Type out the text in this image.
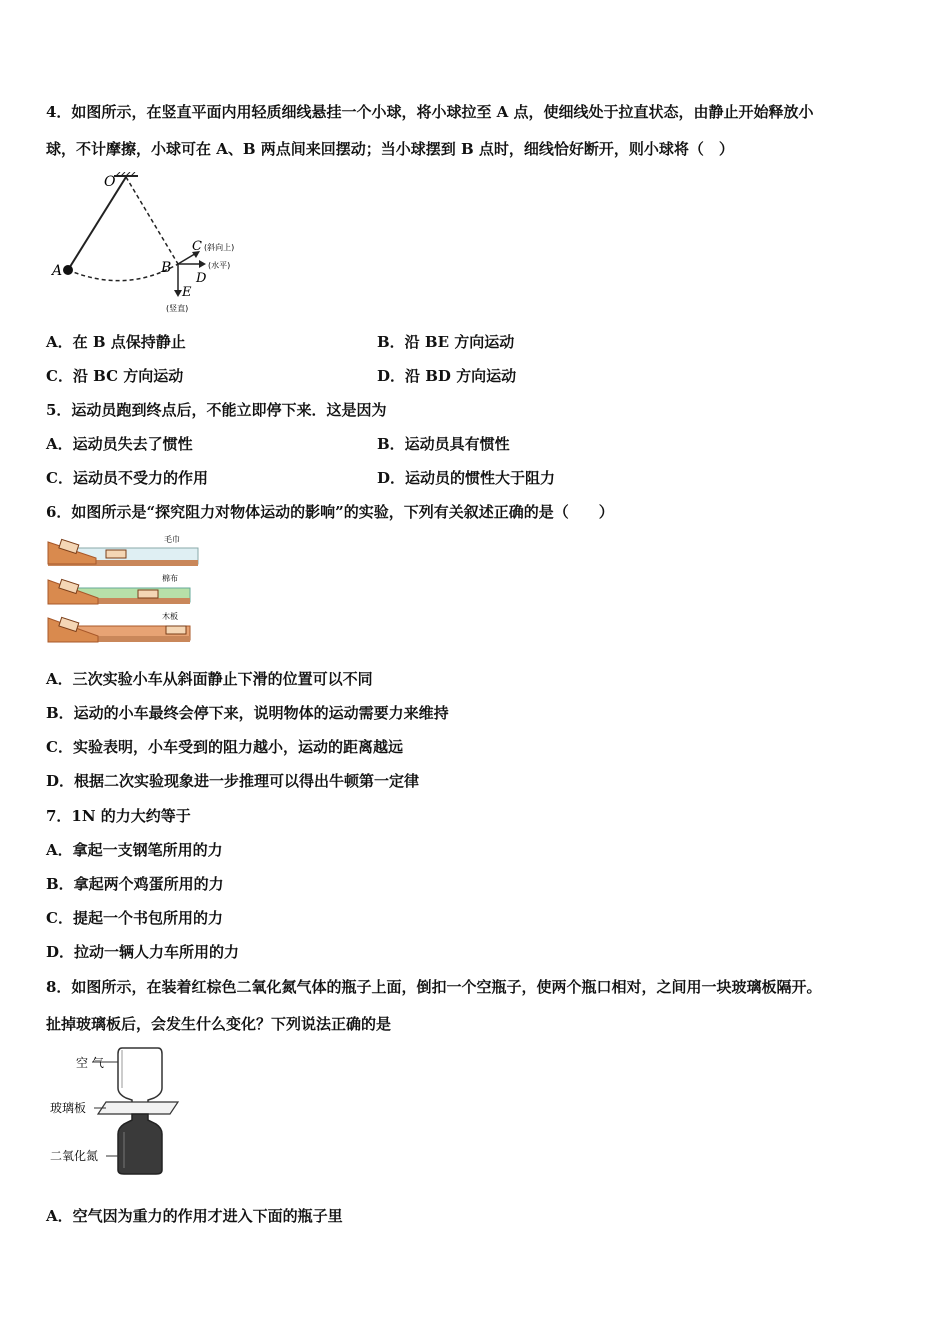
4．如图所示，在竖直平面内用轻质细线悬挂一个小球，将小球拉至 A 点，使细线处于拉直状态，由静止开始释放小
球，不计摩擦，小球可在 A、B 两点间来回摆动；当小球摆到 B 点时，细线恰好断开，则小球将（　）
O
A	B
C (斜向上)
D
(水平)
E
(竖直)
A．在 B 点保持静止	B．沿 BE 方向运动
C．沿 BC 方向运动	D．沿 BD 方向运动
5．运动员跑到终点后，不能立即停下来．这是因为
A．运动员失去了惯性	B．运动员具有惯性
C．运动员不受力的作用	D．运动员的惯性大于阻力
6．如图所示是“探究阻力对物体运动的影响”的实验，下列有关叙述正确的是（　　）
毛巾
棉布
木板
A．三次实验小车从斜面静止下滑的位置可以不同
B．运动的小车最终会停下来，说明物体的运动需要力来维持
C．实验表明，小车受到的阻力越小，运动的距离越远
D．根据二次实验现象进一步推理可以得出牛顿第一定律
7．1N 的力大约等于
A．拿起一支钢笔所用的力
B．拿起两个鸡蛋所用的力
C．提起一个书包所用的力
D．拉动一辆人力车所用的力
8．如图所示，在装着红棕色二氧化氮气体的瓶子上面，倒扣一个空瓶子，使两个瓶口相对，之间用一块玻璃板隔开。
扯掉玻璃板后，会发生什么变化？下列说法正确的是
空 气
玻璃板
二氧化氮
A．空气因为重力的作用才进入下面的瓶子里
